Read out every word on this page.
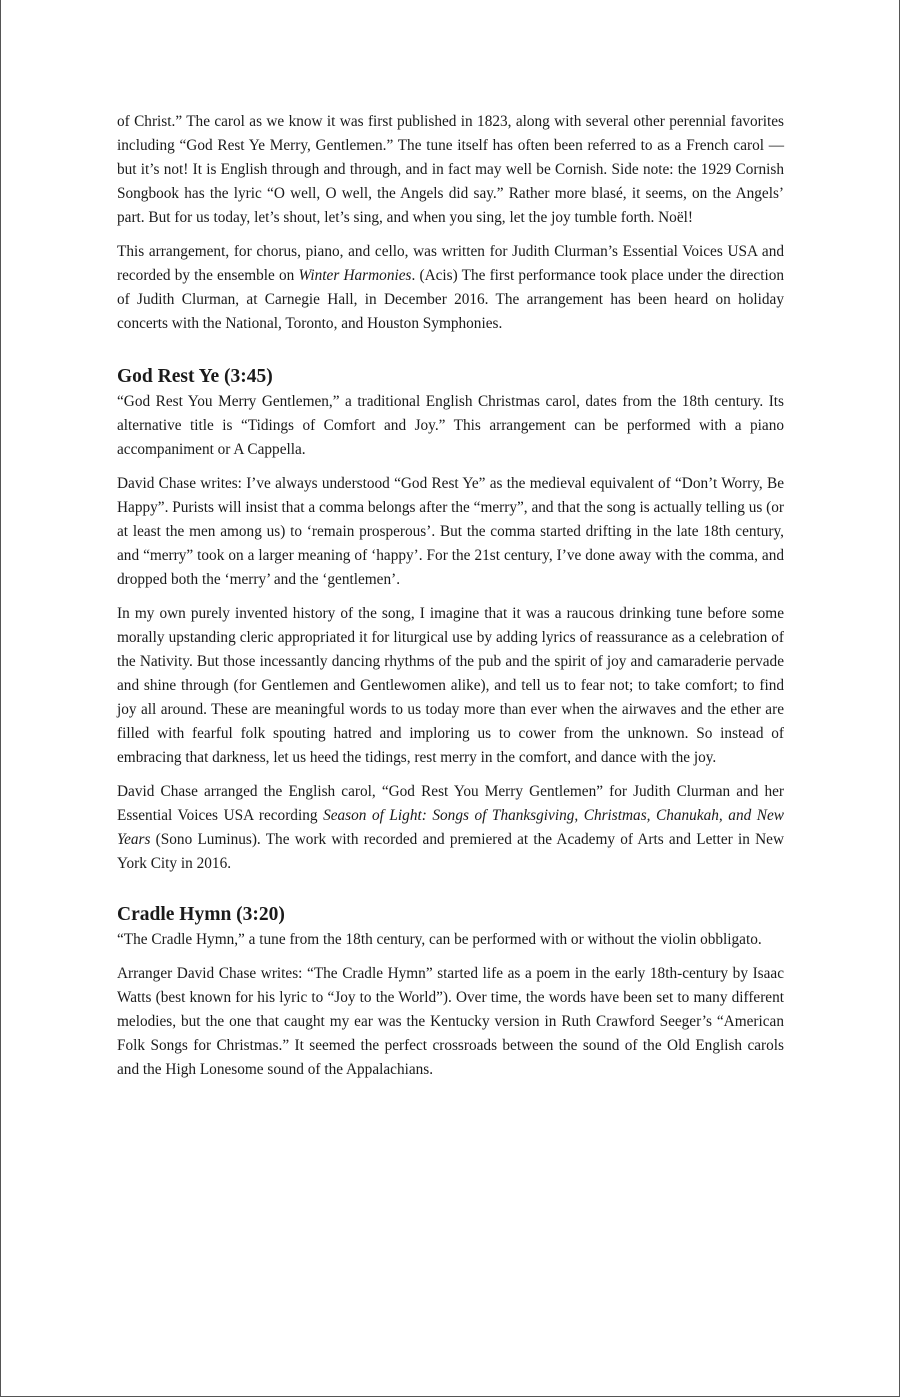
of Christ.” The carol as we know it was first published in 1823, along with several other perennial favorites including “God Rest Ye Merry, Gentlemen.” The tune itself has often been referred to as a French carol — but it’s not! It is English through and through, and in fact may well be Cornish. Side note: the 1929 Cornish Songbook has the lyric “O well, O well, the Angels did say.” Rather more blasé, it seems, on the Angels’ part. But for us today, let’s shout, let’s sing, and when you sing, let the joy tumble forth. Noël!

This arrangement, for chorus, piano, and cello, was written for Judith Clurman’s Essential Voices USA and recorded by the ensemble on Winter Harmonies. (Acis) The first performance took place under the direction of Judith Clurman, at Carnegie Hall, in December 2016. The arrangement has been heard on holiday concerts with the National, Toronto, and Houston Symphonies.

God Rest Ye (3:45)

“God Rest You Merry Gentlemen,” a traditional English Christmas carol, dates from the 18th century. Its alternative title is “Tidings of Comfort and Joy.” This arrangement can be performed with a piano accompaniment or A Cappella.

David Chase writes: I’ve always understood “God Rest Ye” as the medieval equivalent of “Don’t Worry, Be Happy”. Purists will insist that a comma belongs after the “merry”, and that the song is actually telling us (or at least the men among us) to ‘remain prosperous’. But the comma started drifting in the late 18th century, and “merry” took on a larger meaning of ‘happy’. For the 21st century, I’ve done away with the comma, and dropped both the ‘merry’ and the ‘gentlemen’.

In my own purely invented history of the song, I imagine that it was a raucous drinking tune before some morally upstanding cleric appropriated it for liturgical use by adding lyrics of reassurance as a celebration of the Nativity. But those incessantly dancing rhythms of the pub and the spirit of joy and camaraderie pervade and shine through (for Gentlemen and Gentlewomen alike), and tell us to fear not; to take comfort; to find joy all around. These are meaningful words to us today more than ever when the airwaves and the ether are filled with fearful folk spouting hatred and imploring us to cower from the unknown. So instead of embracing that darkness, let us heed the tidings, rest merry in the comfort, and dance with the joy.

David Chase arranged the English carol, “God Rest You Merry Gentlemen” for Judith Clurman and her Essential Voices USA recording Season of Light: Songs of Thanksgiving, Christmas, Chanukah, and New Years (Sono Luminus). The work with recorded and premiered at the Academy of Arts and Letter in New York City in 2016.

Cradle Hymn (3:20)

“The Cradle Hymn,” a tune from the 18th century, can be performed with or without the violin obbligato.

Arranger David Chase writes: “The Cradle Hymn” started life as a poem in the early 18th-century by Isaac Watts (best known for his lyric to “Joy to the World”). Over time, the words have been set to many different melodies, but the one that caught my ear was the Kentucky version in Ruth Crawford Seeger’s “American Folk Songs for Christmas.” It seemed the perfect crossroads between the sound of the Old English carols and the High Lonesome sound of the Appalachians.
